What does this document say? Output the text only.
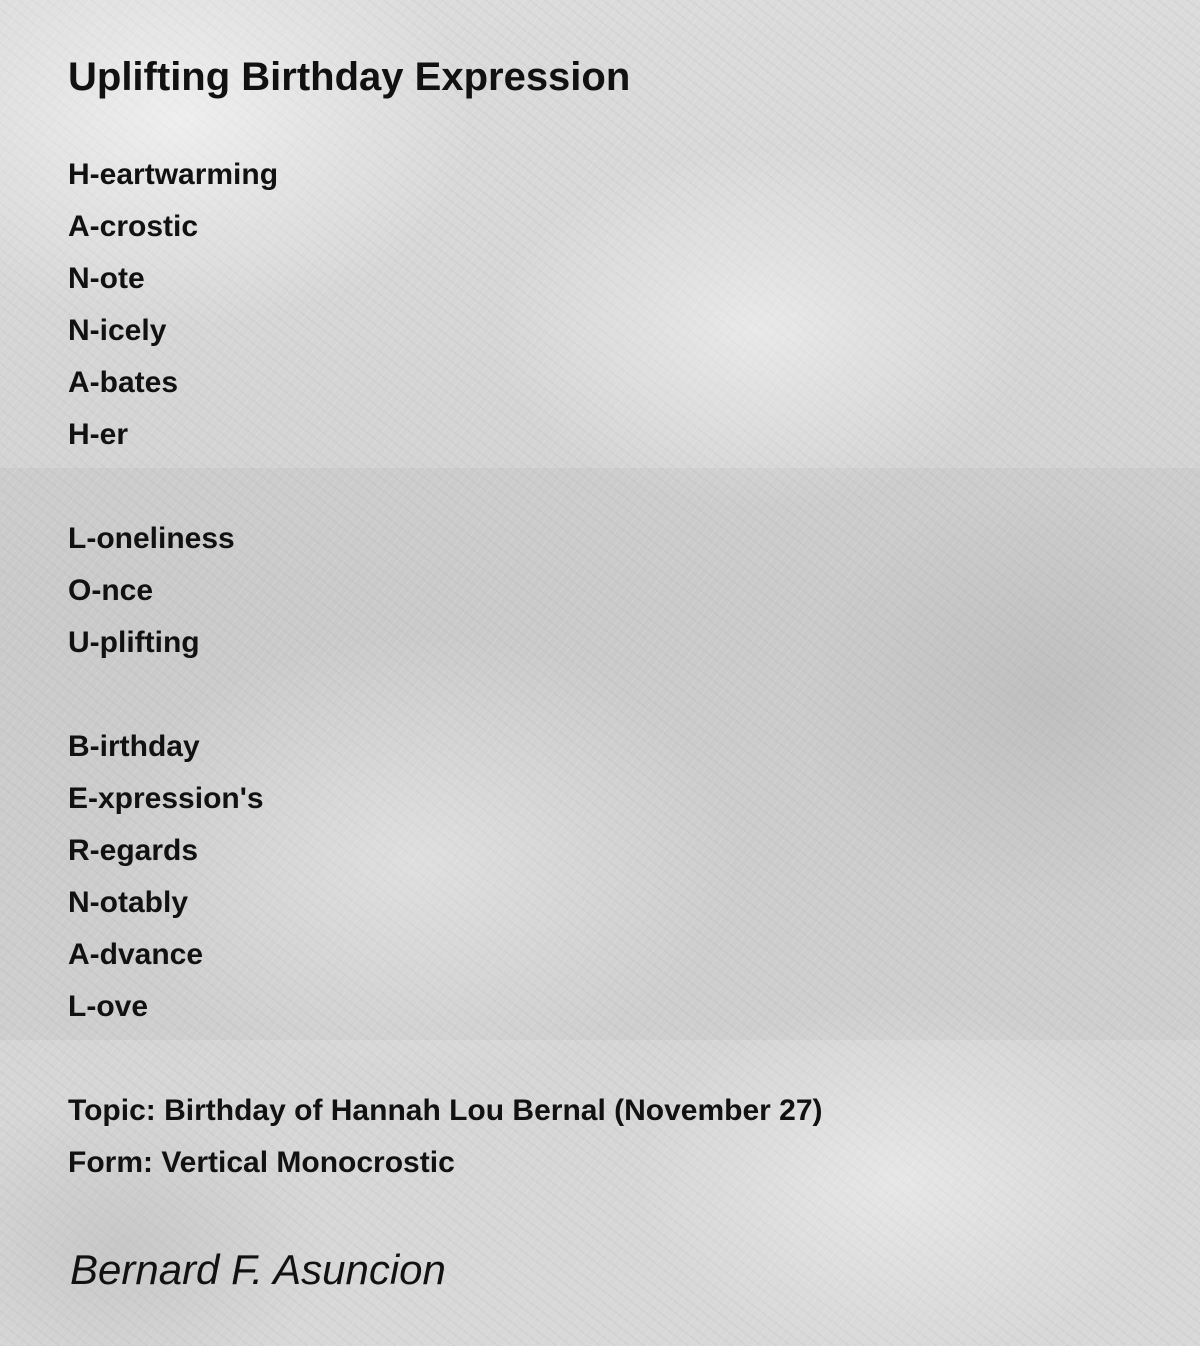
Uplifting Birthday Expression
H-eartwarming
A-crostic
N-ote
N-icely
A-bates
H-er
L-oneliness
O-nce
U-plifting
B-irthday
E-xpression's
R-egards
N-otably
A-dvance
L-ove
Topic: Birthday of Hannah Lou Bernal (November 27)
Form: Vertical Monocrostic
Bernard F. Asuncion
